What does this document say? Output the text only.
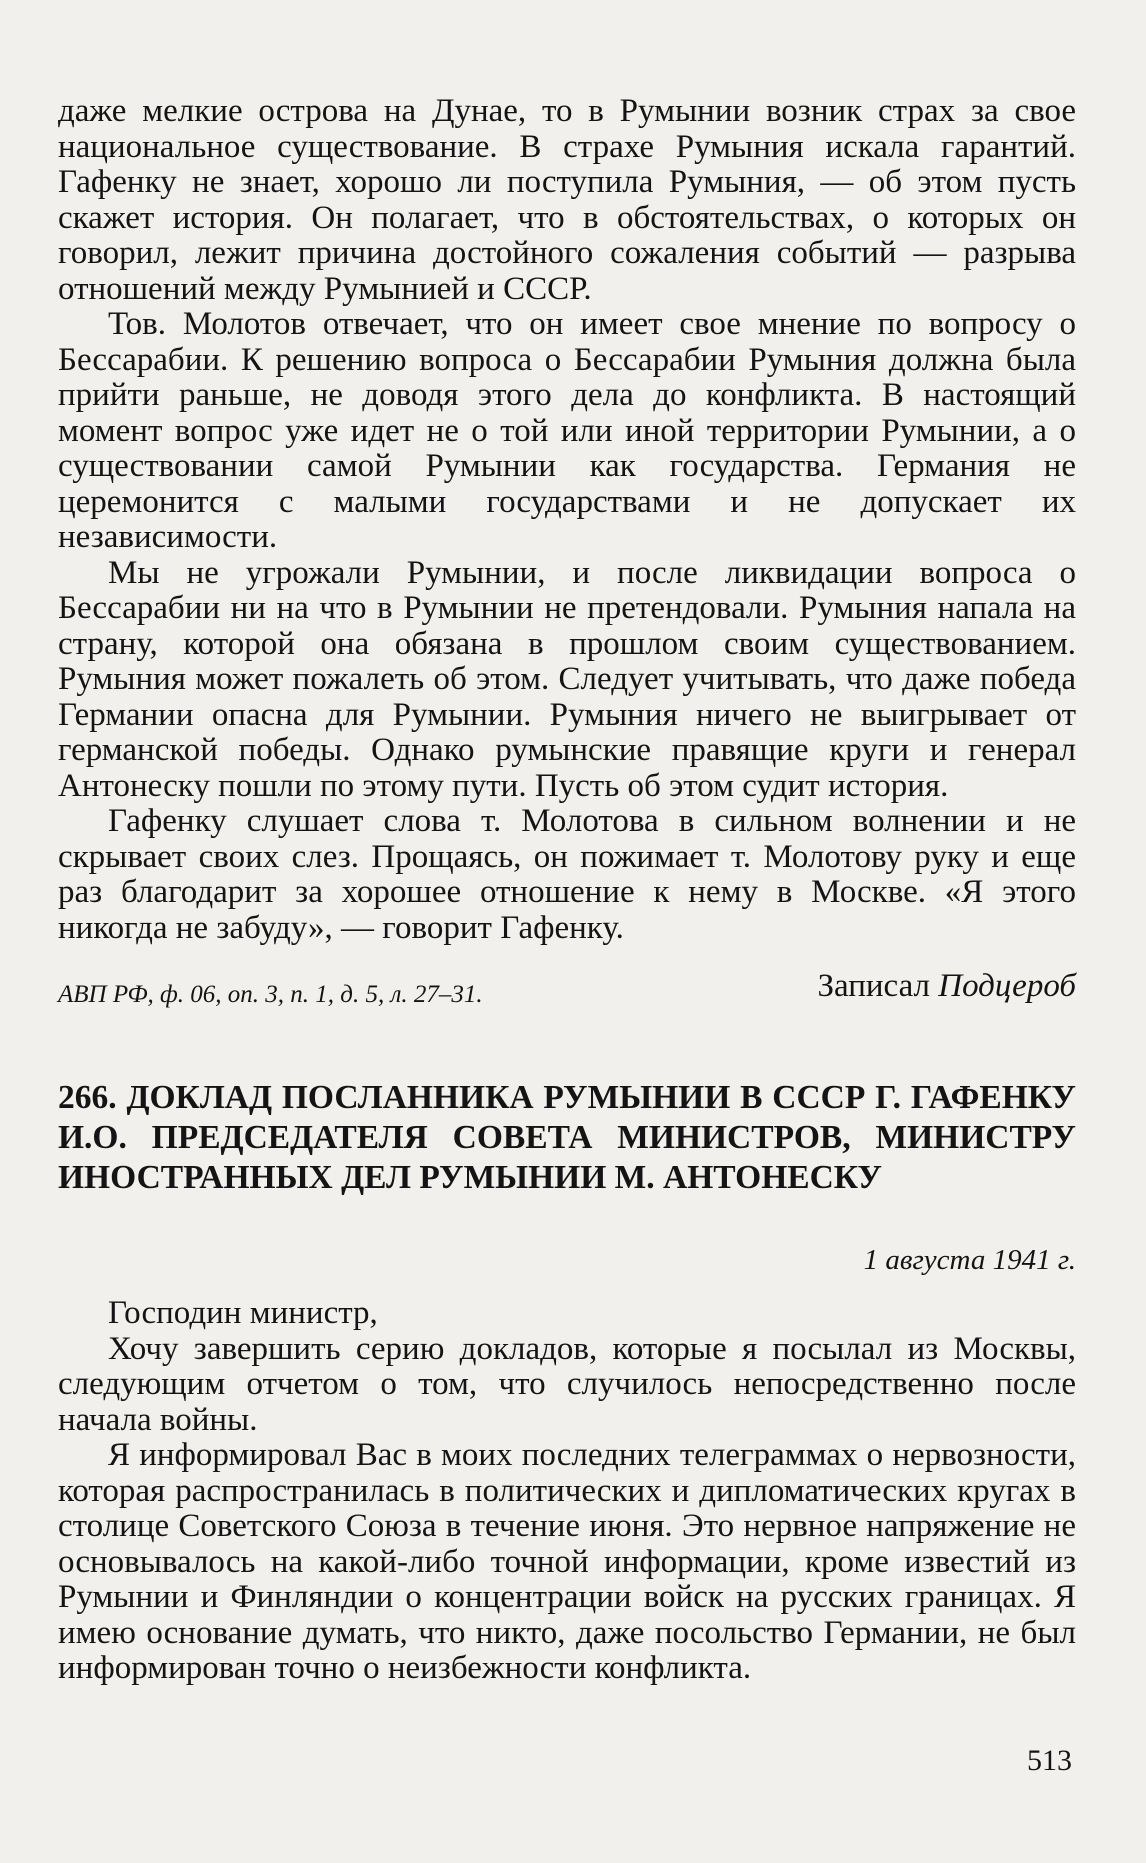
даже мелкие острова на Дунае, то в Румынии возник страх за свое национальное существование. В страхе Румыния искала гарантий. Гафенку не знает, хорошо ли поступила Румыния, — об этом пусть скажет история. Он полагает, что в обстоятельствах, о которых он говорил, лежит причина достойного сожаления событий — разрыва отношений между Румынией и СССР.

Тов. Молотов отвечает, что он имеет свое мнение по вопросу о Бессарабии. К решению вопроса о Бессарабии Румыния должна была прийти раньше, не доводя этого дела до конфликта. В настоящий момент вопрос уже идет не о той или иной территории Румынии, а о существовании самой Румынии как государства. Германия не церемонится с малыми государствами и не допускает их независимости.

Мы не угрожали Румынии, и после ликвидации вопроса о Бессарабии ни на что в Румынии не претендовали. Румыния напала на страну, которой она обязана в прошлом своим существованием. Румыния может пожалеть об этом. Следует учитывать, что даже победа Германии опасна для Румынии. Румыния ничего не выигрывает от германской победы. Однако румынские правящие круги и генерал Антонеску пошли по этому пути. Пусть об этом судит история.

Гафенку слушает слова т. Молотова в сильном волнении и не скрывает своих слез. Прощаясь, он пожимает т. Молотову руку и еще раз благодарит за хорошее отношение к нему в Москве. «Я этого никогда не забуду», — говорит Гафенку.

Записал Подцероб
АВП РФ, ф. 06, оп. 3, п. 1, д. 5, л. 27–31.
266. ДОКЛАД ПОСЛАННИКА РУМЫНИИ В СССР Г. ГАФЕНКУ И.О. ПРЕДСЕДАТЕЛЯ СОВЕТА МИНИСТРОВ, МИНИСТРУ ИНОСТРАННЫХ ДЕЛ РУМЫНИИ М. АНТОНЕСКУ
1 августа 1941 г.

Господин министр,

Хочу завершить серию докладов, которые я посылал из Москвы, следующим отчетом о том, что случилось непосредственно после начала войны.

Я информировал Вас в моих последних телеграммах о нервозности, которая распространилась в политических и дипломатических кругах в столице Советского Союза в течение июня. Это нервное напряжение не основывалось на какой-либо точной информации, кроме известий из Румынии и Финляндии о концентрации войск на русских границах. Я имею основание думать, что никто, даже посольство Германии, не был информирован точно о неизбежности конфликта.

513
